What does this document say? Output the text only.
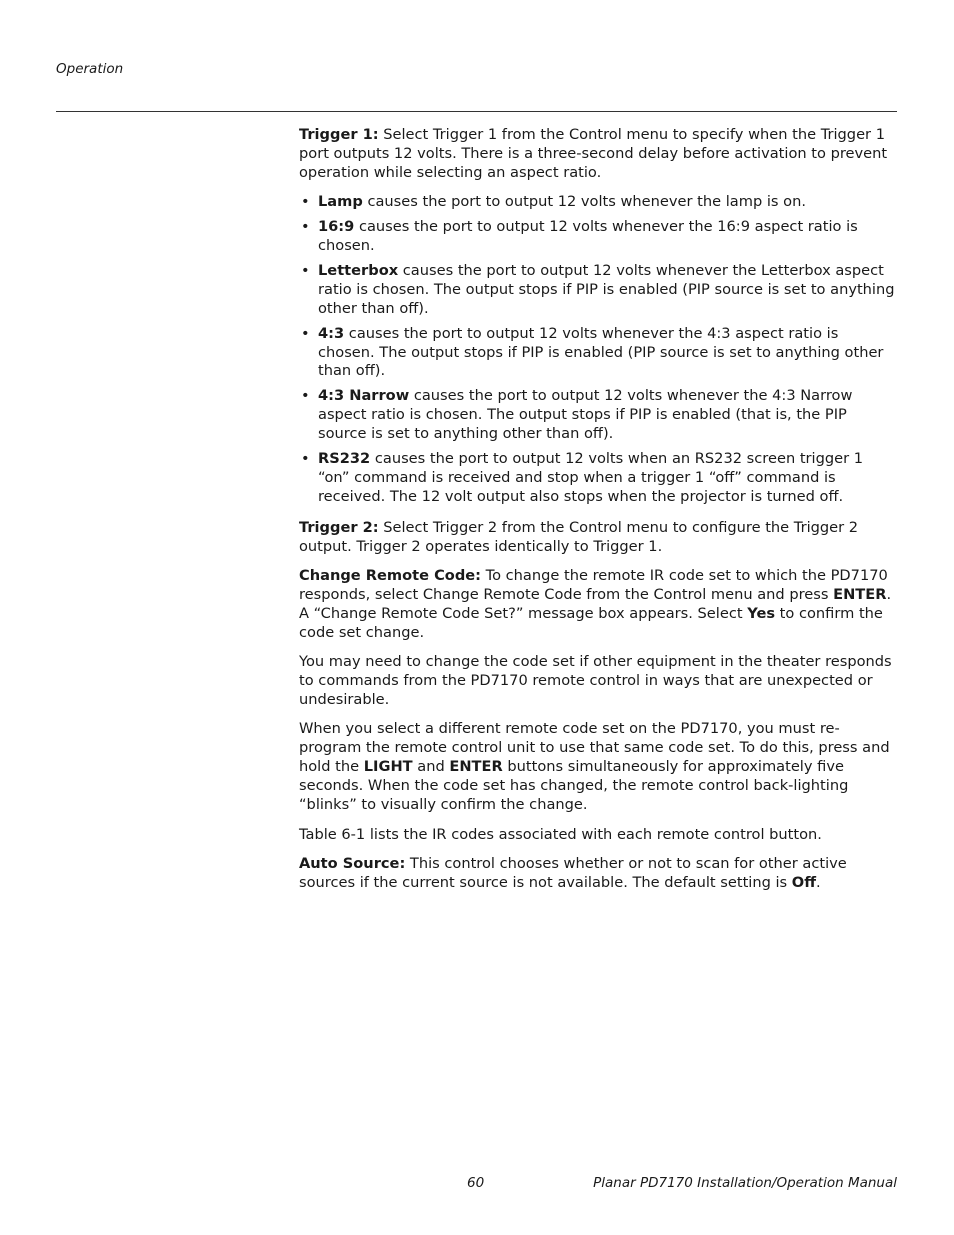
Operation

Trigger 1: Select Trigger 1 from the Control menu to specify when the Trigger 1 port outputs 12 volts. There is a three-second delay before activation to prevent operation while selecting an aspect ratio.

• Lamp causes the port to output 12 volts whenever the lamp is on.
• 16:9 causes the port to output 12 volts whenever the 16:9 aspect ratio is chosen.
• Letterbox causes the port to output 12 volts whenever the Letterbox aspect ratio is chosen. The output stops if PIP is enabled (PIP source is set to anything other than off).
• 4:3 causes the port to output 12 volts whenever the 4:3 aspect ratio is chosen. The output stops if PIP is enabled (PIP source is set to anything other than off).
• 4:3 Narrow causes the port to output 12 volts whenever the 4:3 Narrow aspect ratio is chosen. The output stops if PIP is enabled (that is, the PIP source is set to anything other than off).
• RS232 causes the port to output 12 volts when an RS232 screen trigger 1 “on” command is received and stop when a trigger 1 “off” command is received. The 12 volt output also stops when the projector is turned off.

Trigger 2: Select Trigger 2 from the Control menu to configure the Trigger 2 output. Trigger 2 operates identically to Trigger 1.

Change Remote Code: To change the remote IR code set to which the PD7170 responds, select Change Remote Code from the Control menu and press ENTER. A “Change Remote Code Set?” message box appears. Select Yes to confirm the code set change.

You may need to change the code set if other equipment in the theater responds to commands from the PD7170 remote control in ways that are unexpected or undesirable.

When you select a different remote code set on the PD7170, you must re-program the remote control unit to use that same code set. To do this, press and hold the LIGHT and ENTER buttons simultaneously for approximately five seconds. When the code set has changed, the remote control back-lighting “blinks” to visually confirm the change.

Table 6-1 lists the IR codes associated with each remote control button.

Auto Source: This control chooses whether or not to scan for other active sources if the current source is not available. The default setting is Off.

60	Planar PD7170 Installation/Operation Manual
